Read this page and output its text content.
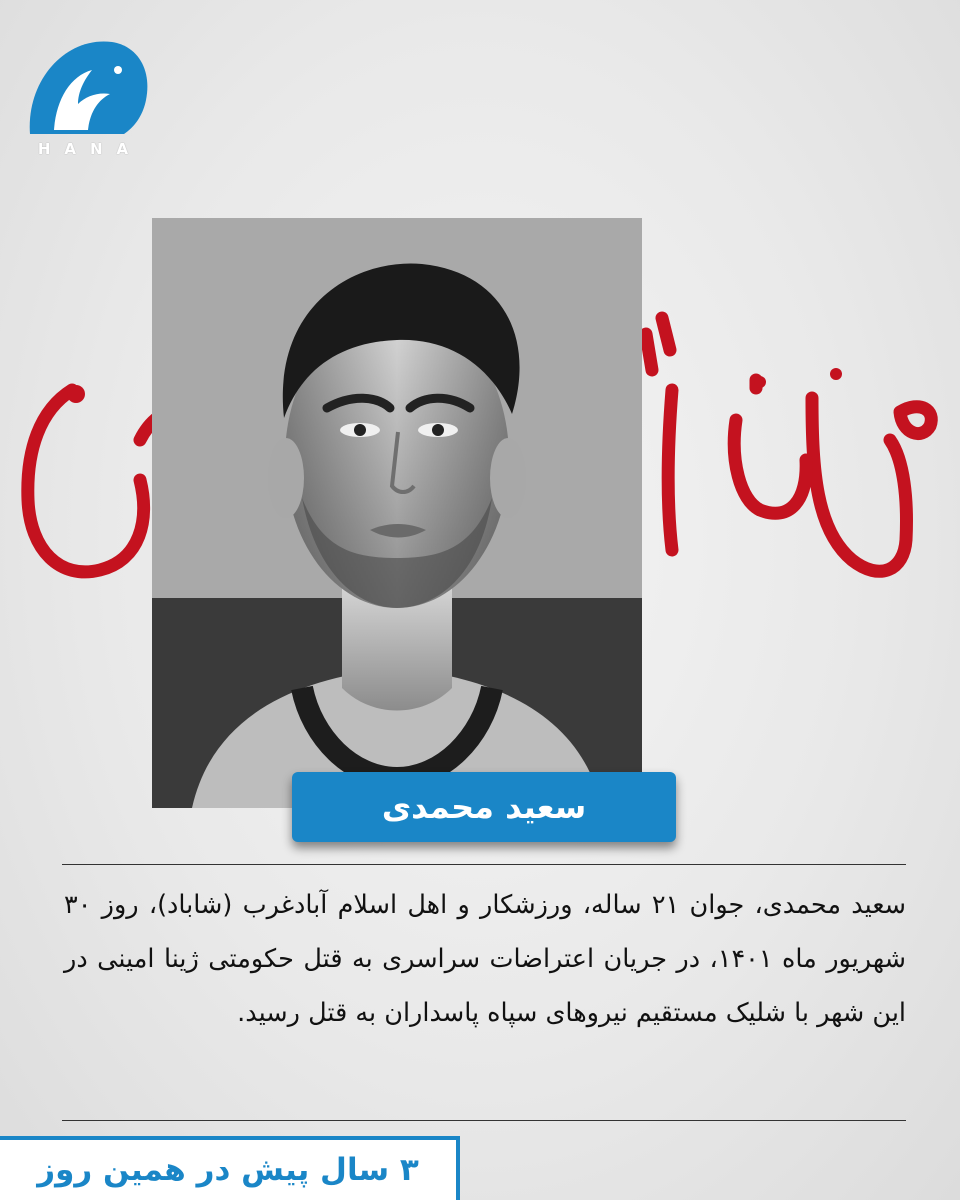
HANA
سعید محمدی
سعید محمدی، جوان ۲۱ ساله، ورزشکار و اهل اسلام آبادغرب (شاباد)، روز ۳۰ شهریور ماه ۱۴۰۱، در جریان اعتراضات سراسری به قتل حکومتی ژینا امینی در این شهر با شلیک مستقیم نیروهای سپاه پاسداران به قتل رسید.
۳ سال پیش در همین روز
